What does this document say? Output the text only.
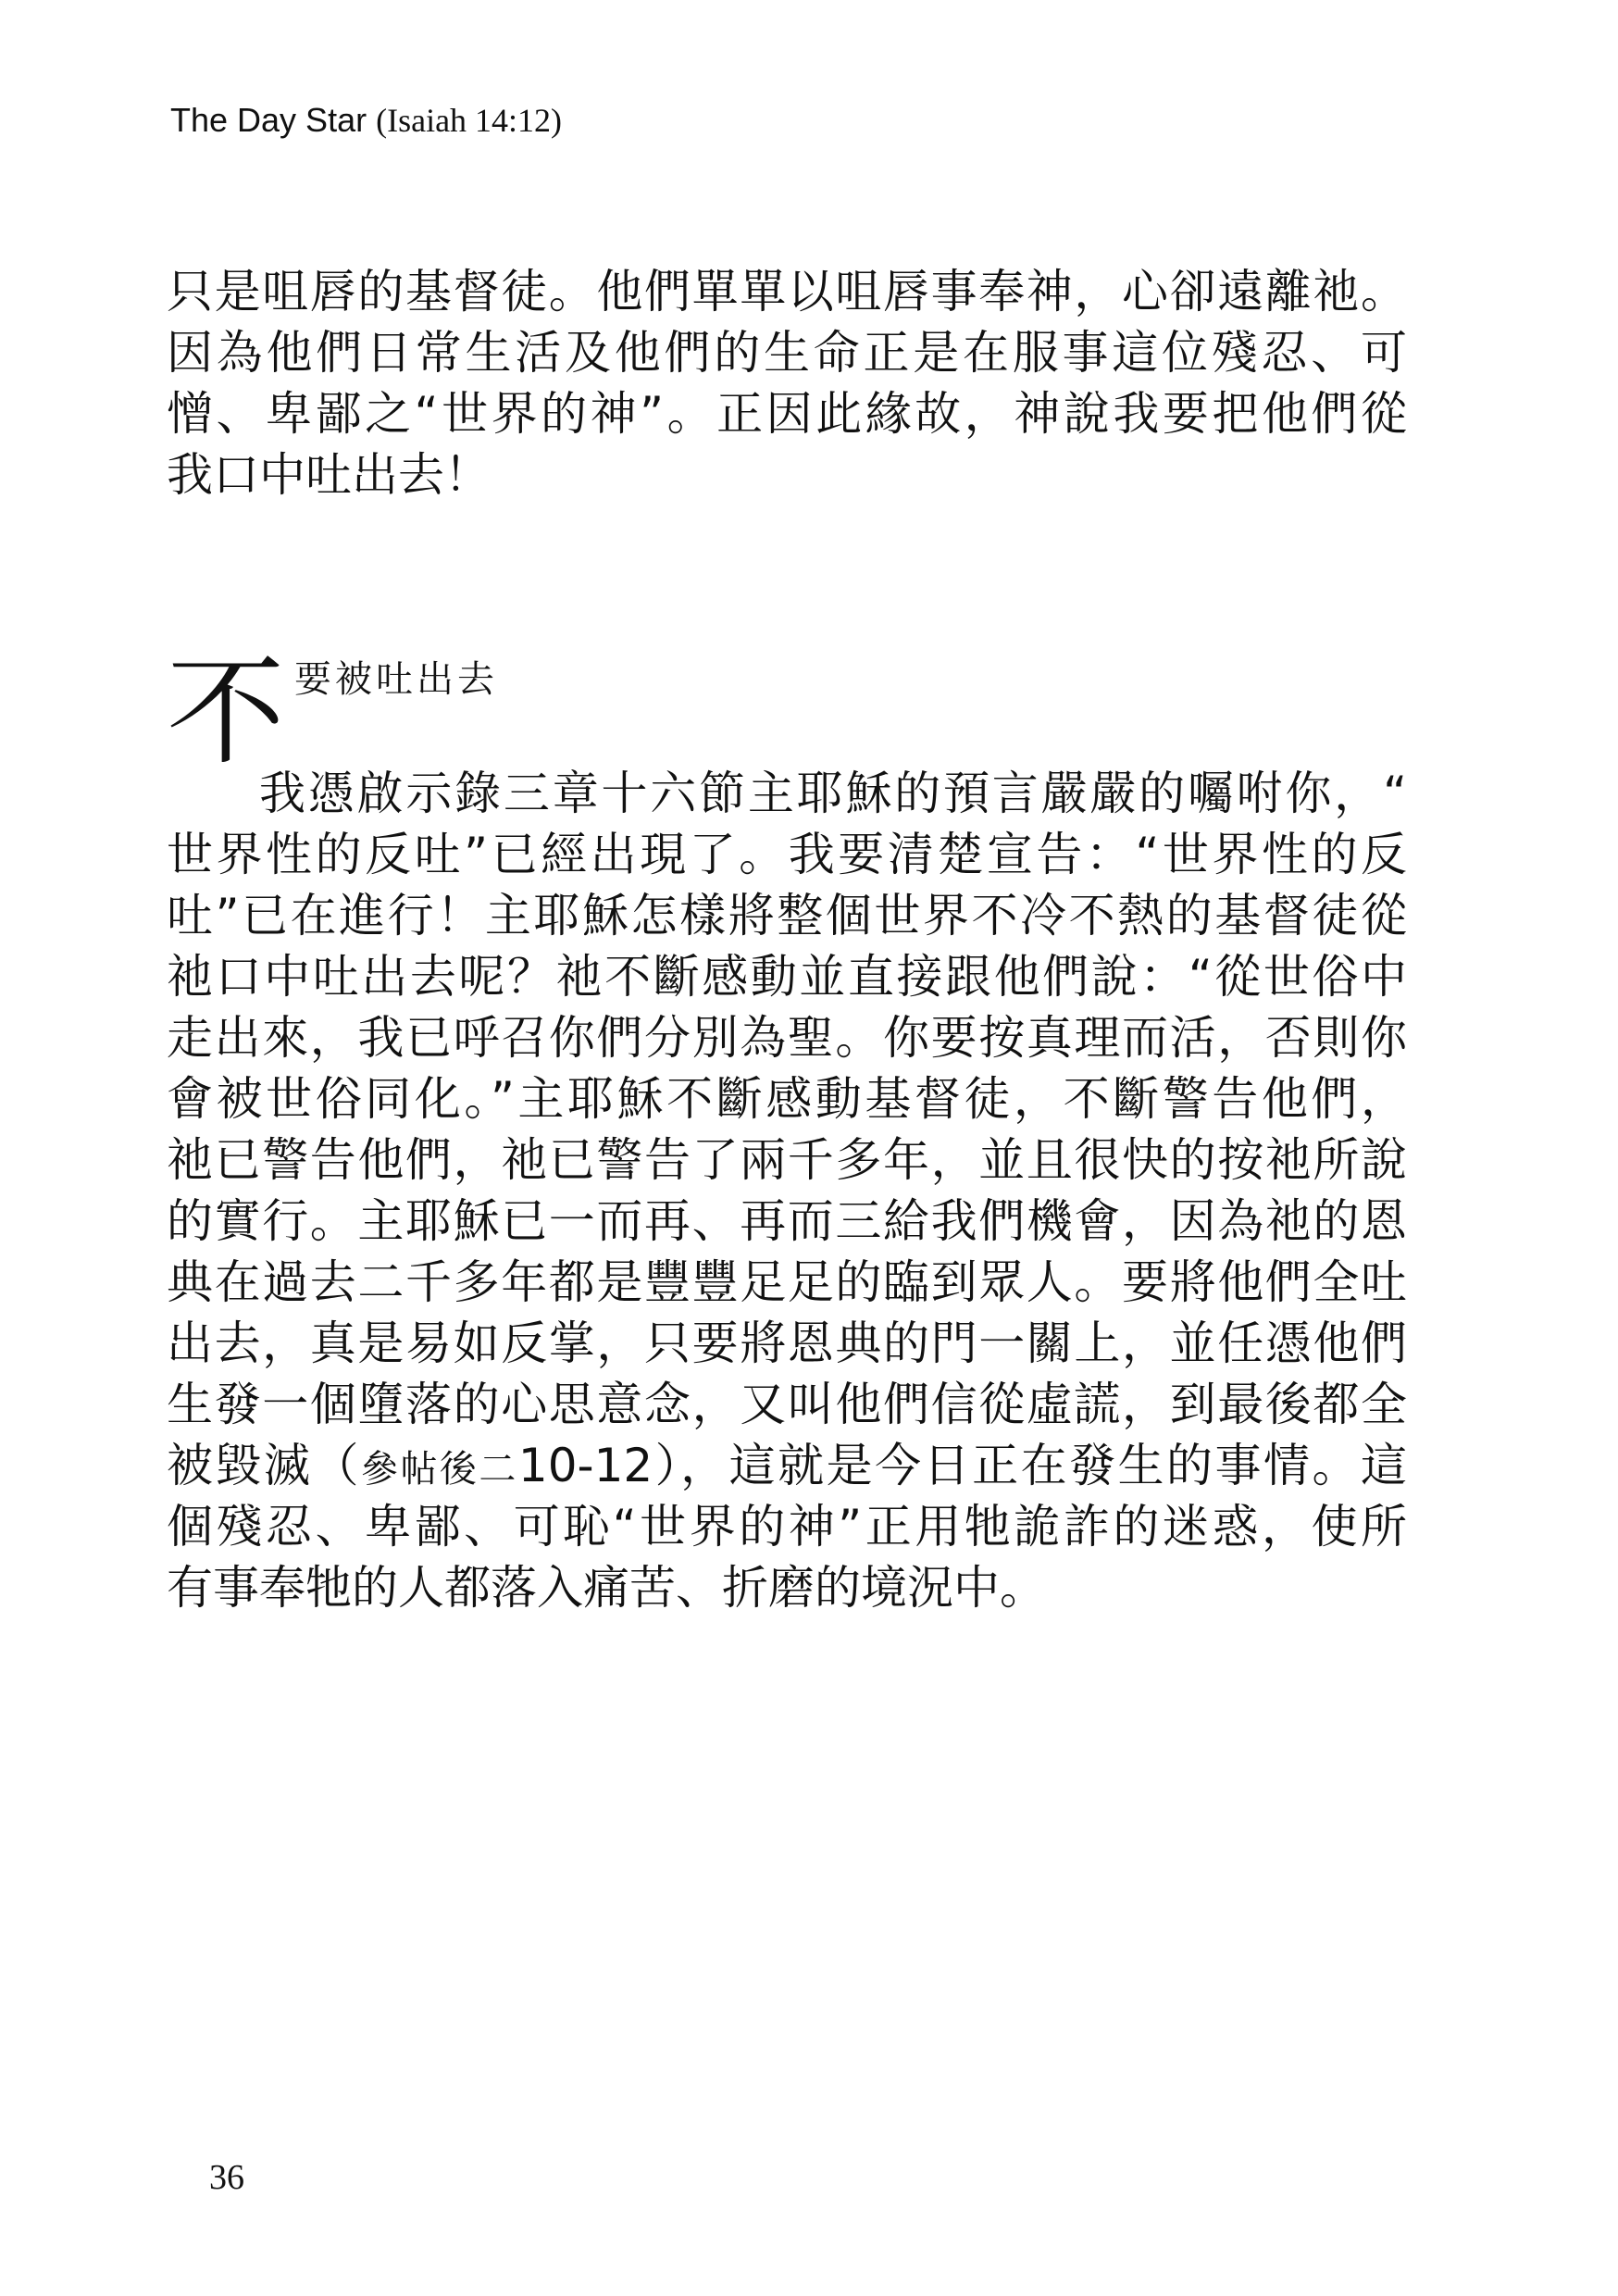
The Day Star (Isaiah 14:12)

只是咀唇的基督徒。他們單單以咀唇事奉神，心卻遠離祂。
因為他們日常生活及他們的生命正是在服事這位殘忍、可
憎、卑鄙之“世界的神”。正因此緣故，神說我要把他們從
我口中吐出去！

不 要被吐出去

我憑啟示錄三章十六節主耶穌的預言嚴嚴的囑咐你，“
世界性的反吐”已經出現了。我要清楚宣告：“世界性的反
吐”已在進行！主耶穌怎樣將整個世界不冷不熱的基督徒從
祂口中吐出去呢？祂不斷感動並直接跟他們說：“從世俗中
走出來，我已呼召你們分別為聖。你要按真理而活，否則你
會被世俗同化。”主耶穌不斷感動基督徒，不斷警告他們，
祂已警告他們，祂已警告了兩千多年，並且很快的按祂所說
的實行。主耶穌已一而再、再而三給我們機會，因為祂的恩
典在過去二千多年都是豐豐足足的臨到眾人。要將他們全吐
出去，真是易如反掌，只要將恩典的門一關上，並任憑他們
生發一個墮落的心思意念，又叫他們信從虛謊，到最後都全
被毀滅（參帖後二10-12），這就是今日正在發生的事情。這
個殘忍、卑鄙、可恥“世界的神”正用牠詭詐的迷惑，使所
有事奉牠的人都落入痛苦、折磨的境況中。

36
